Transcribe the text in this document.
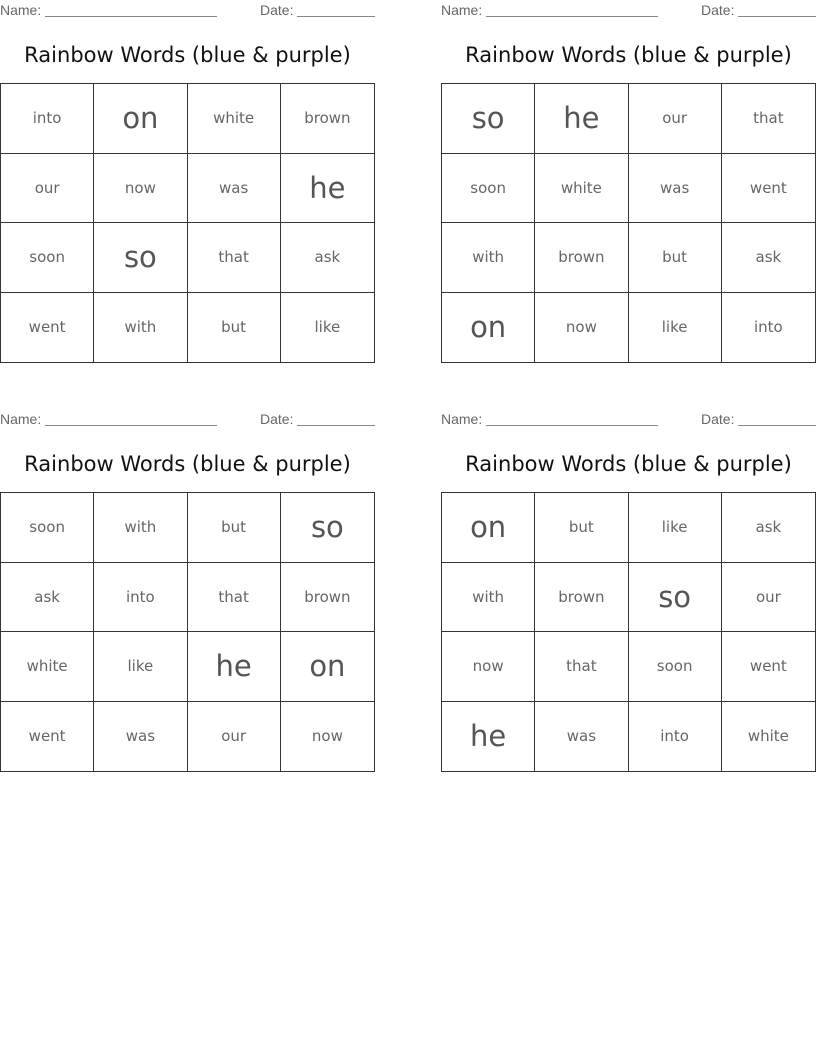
Name:	Date:
Rainbow Words (blue & purple)
into	on	white	brown
our	now	was	he
soon	so	that	ask
went	with	but	like
Name:	Date:
Rainbow Words (blue & purple)
so	he	our	that
soon	white	was	went
with	brown	but	ask
on	now	like	into
Name:	Date:
Rainbow Words (blue & purple)
soon	with	but	so
ask	into	that	brown
white	like	he	on
went	was	our	now
Name:	Date:
Rainbow Words (blue & purple)
on	but	like	ask
with	brown	so	our
now	that	soon	went
he	was	into	white
